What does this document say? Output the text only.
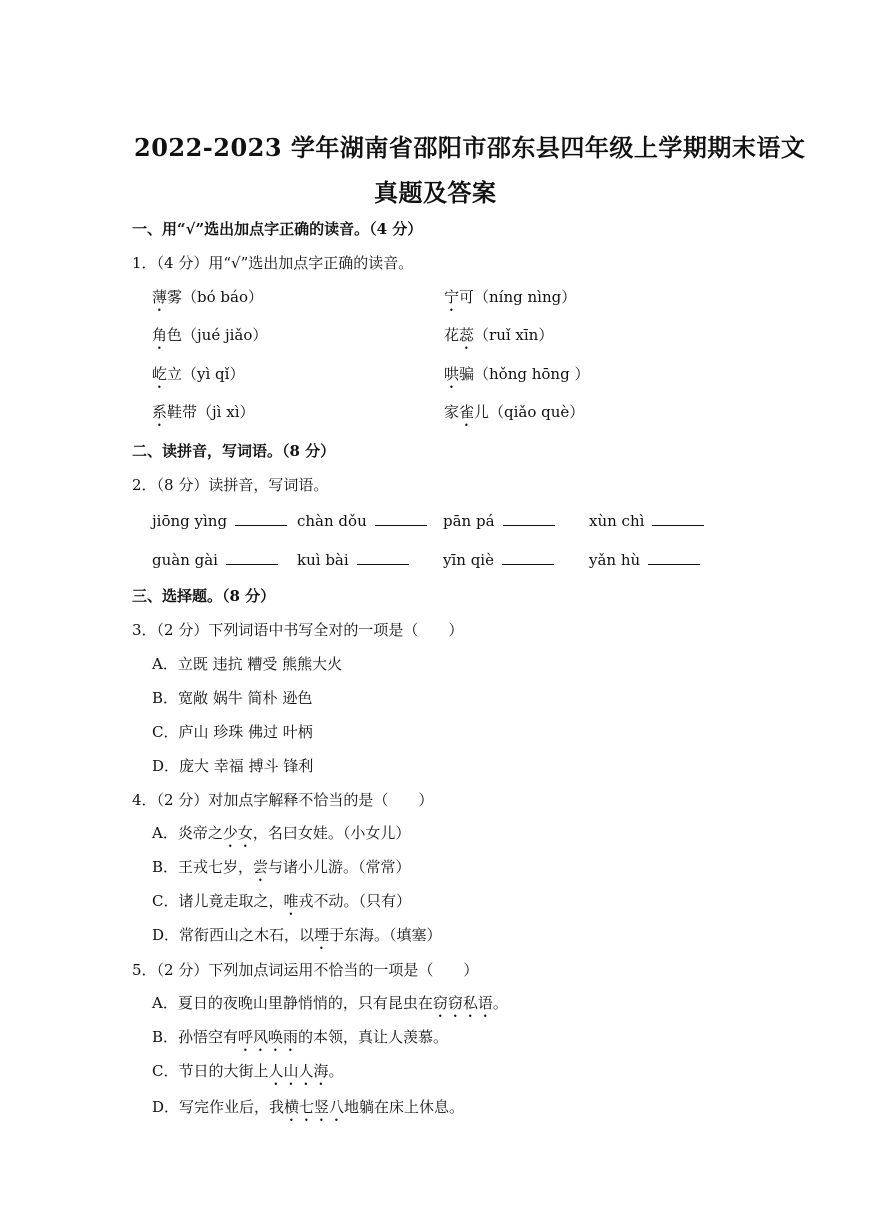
2022-2023 学年湖南省邵阳市邵东县四年级上学期期末语文
真题及答案
一、用“√”选出加点字正确的读音。（4 分）
1．（4 分）用“√”选出加点字正确的读音。
薄雾（bó báo）	宁可（níng nìng）
角色（jué jiǎo）	花蕊（ruǐ xīn）
屹立（yì qǐ）	哄骗（hǒng hōng ）
系鞋带（jì xì）	家雀儿（qiǎo què）
二、读拼音，写词语。（8 分）
2．（8 分）读拼音，写词语。
jiōng yìng	chàn dǒu	pān pá	xùn chì
guàn gài	kuì bài	yīn qiè	yǎn hù
三、选择题。（8 分）
3．（2 分）下列词语中书写全对的一项是（　　）
A．立既 违抗 糟受 熊熊大火
B．宽敞 娲牛 简朴 逊色
C．庐山 珍珠 佛过 叶柄
D．庞大 幸福 搏斗 锋利
4．（2 分）对加点字解释不恰当的是（　　）
A．炎帝之少女，名曰女娃。（小女儿）
B．王戎七岁，尝与诸小儿游。（常常）
C．诸儿竟走取之，唯戎不动。（只有）
D．常衔西山之木石，以堙于东海。（填塞）
5．（2 分）下列加点词运用不恰当的一项是（　　）
A．夏日的夜晚山里静悄悄的，只有昆虫在窃窃私语。
B．孙悟空有呼风唤雨的本领，真让人羡慕。
C．节日的大街上人山人海。
D．写完作业后，我横七竖八地躺在床上休息。
